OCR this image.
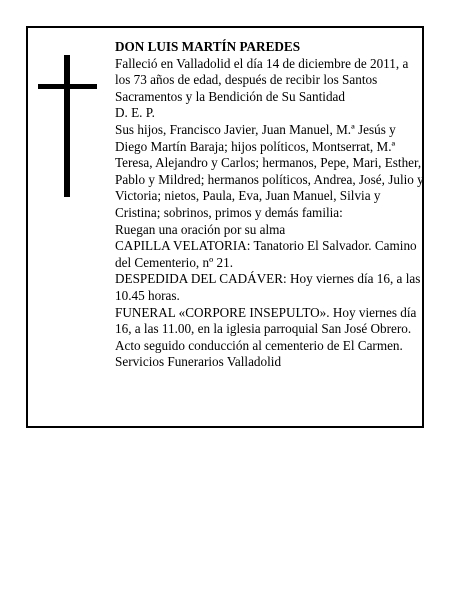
DON LUIS MARTÍN PAREDES

Falleció en Valladolid el día 14 de diciembre de 2011, a los 73 años de edad, después de recibir los Santos Sacramentos y la Bendición de Su Santidad

D. E. P.

Sus hijos, Francisco Javier, Juan Manuel, M.ª Jesús y Diego Martín Baraja; hijos políticos, Montserrat, M.ª Teresa, Alejandro y Carlos; hermanos, Pepe, Mari, Esther, Pablo y Mildred; hermanos políticos, Andrea, José, Julio y Victoria; nietos, Paula, Eva, Juan Manuel, Silvia y Cristina; sobrinos, primos y demás familia:

Ruegan una oración por su alma

CAPILLA VELATORIA: Tanatorio El Salvador. Camino del Cementerio, nº 21.

DESPEDIDA DEL CADÁVER: Hoy viernes día 16, a las 10.45 horas.

FUNERAL «CORPORE INSEPULTO». Hoy viernes día 16, a las 11.00, en la iglesia parroquial San José Obrero. Acto seguido conducción al cementerio de El Carmen.

Servicios Funerarios Valladolid
